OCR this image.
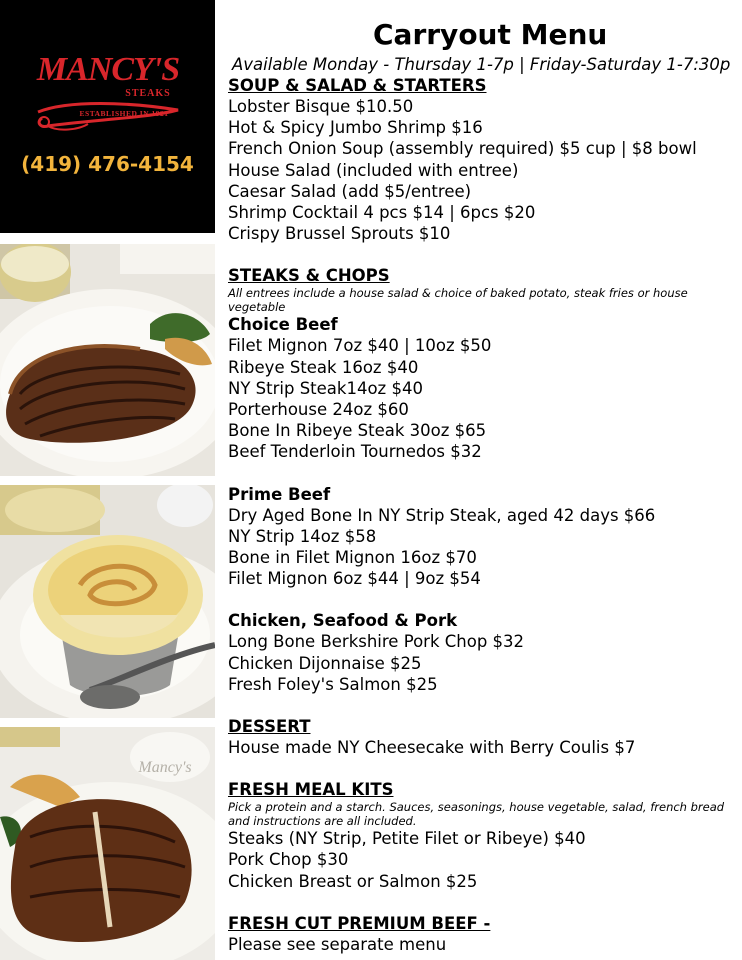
MANCY'S
STEAKS
ESTABLISHED IN 1921
(419) 476-4154
Mancy's
Carryout Menu
Available Monday - Thursday 1-7p | Friday-Saturday 1-7:30p
SOUP & SALAD & STARTERS
Lobster Bisque $10.50
Hot & Spicy Jumbo Shrimp $16
French Onion Soup (assembly required) $5 cup | $8 bowl
House Salad (included with entree)
Caesar Salad (add $5/entree)
Shrimp Cocktail 4 pcs $14 | 6pcs $20
Crispy Brussel Sprouts $10
STEAKS & CHOPS
All entrees include a house salad & choice of baked potato, steak fries or house vegetable
Choice Beef
Filet Mignon 7oz $40 | 10oz $50
Ribeye Steak 16oz $40
NY Strip Steak14oz $40
Porterhouse 24oz $60
Bone In Ribeye Steak 30oz $65
Beef Tenderloin Tournedos $32
Prime Beef
Dry Aged Bone In NY Strip Steak, aged 42 days $66
NY Strip 14oz $58
Bone in Filet Mignon 16oz $70
Filet Mignon 6oz $44 | 9oz $54
Chicken, Seafood & Pork
Long Bone Berkshire Pork Chop $32
Chicken Dijonnaise $25
Fresh Foley's Salmon $25
DESSERT
House made NY Cheesecake with Berry Coulis $7
FRESH MEAL KITS
Pick a protein and a starch. Sauces, seasonings, house vegetable, salad, french bread and instructions are all included.
Steaks (NY Strip, Petite Filet or Ribeye) $40
Pork Chop $30
Chicken Breast or Salmon $25
FRESH CUT PREMIUM BEEF -
Please see separate menu
